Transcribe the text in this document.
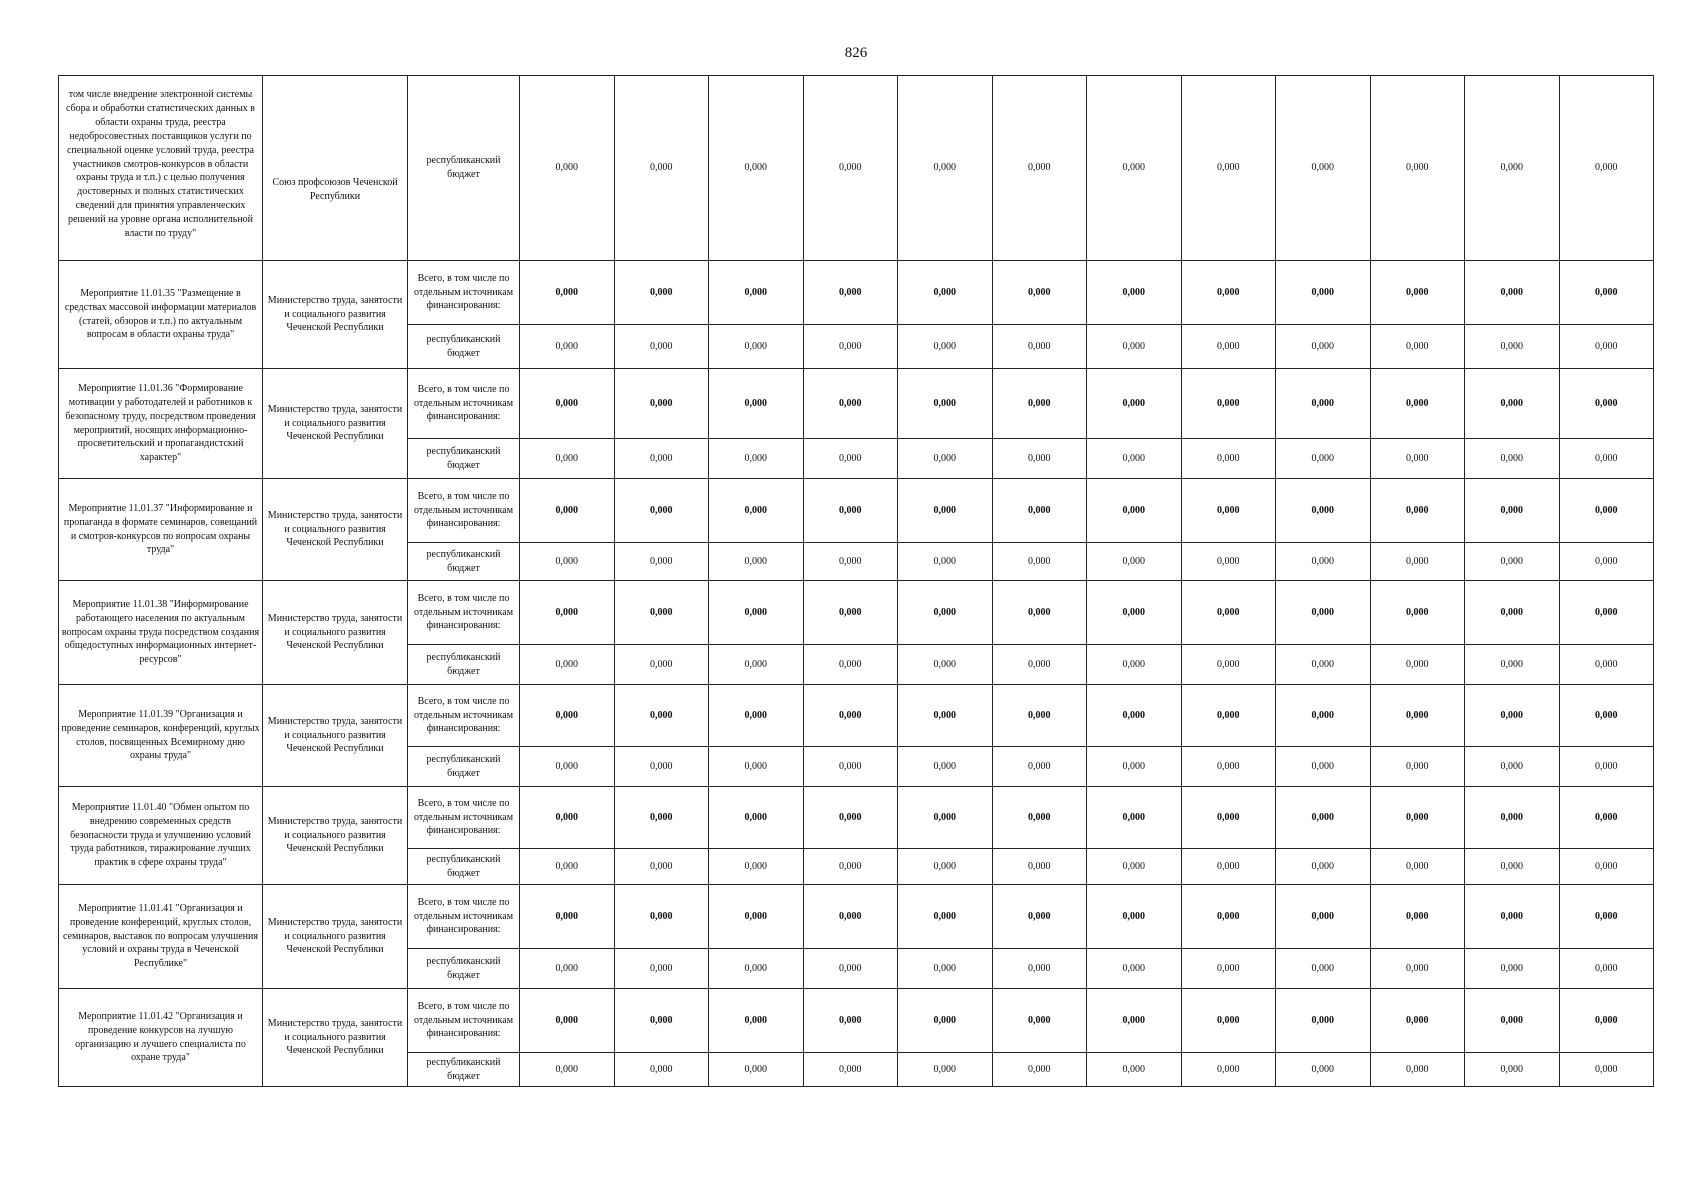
826
том числе внедрение электронной системы сбора и обработки статистических данных в области охраны труда, реестра недобросовестных поставщиков услуги по специальной оценке условий труда, реестра участников смотров-конкурсов в области охраны труда и т.п.) с целью получения достоверных и полных статистических сведений для принятия управленческих решений на уровне органа исполнительной власти по труду"	Союз профсоюзов Чеченской Республики	республиканский бюджет	0,000	0,000	0,000	0,000	0,000	0,000	0,000	0,000	0,000	0,000	0,000	0,000
Мероприятие 11.01.35 "Размещение в средствах массовой информации материалов (статей, обзоров и т.п.) по актуальным вопросам в области охраны труда"	Министерство труда, занятости и социального развития Чеченской Республики	Всего, в том числе по отдельным источникам финансирования:	0,000	0,000	0,000	0,000	0,000	0,000	0,000	0,000	0,000	0,000	0,000	0,000
		республиканский бюджет	0,000	0,000	0,000	0,000	0,000	0,000	0,000	0,000	0,000	0,000	0,000	0,000
Мероприятие 11.01.36 "Формирование мотивации у работодателей и работников к безопасному труду, посредством проведения мероприятий, носящих информационно-просветительский и пропагандистский характер"	Министерство труда, занятости и социального развития Чеченской Республики	Всего, в том числе по отдельным источникам финансирования:	0,000	0,000	0,000	0,000	0,000	0,000	0,000	0,000	0,000	0,000	0,000	0,000
		республиканский бюджет	0,000	0,000	0,000	0,000	0,000	0,000	0,000	0,000	0,000	0,000	0,000	0,000
Мероприятие 11.01.37 "Информирование и пропаганда в формате семинаров, совещаний и смотров-конкурсов по вопросам охраны труда"	Министерство труда, занятости и социального развития Чеченской Республики	Всего, в том числе по отдельным источникам финансирования:	0,000	0,000	0,000	0,000	0,000	0,000	0,000	0,000	0,000	0,000	0,000	0,000
		республиканский бюджет	0,000	0,000	0,000	0,000	0,000	0,000	0,000	0,000	0,000	0,000	0,000	0,000
Мероприятие 11.01.38 "Информирование работающего населения по актуальным вопросам охраны труда посредством создания общедоступных информационных интернет-ресурсов"	Министерство труда, занятости и социального развития Чеченской Республики	Всего, в том числе по отдельным источникам финансирования:	0,000	0,000	0,000	0,000	0,000	0,000	0,000	0,000	0,000	0,000	0,000	0,000
		республиканский бюджет	0,000	0,000	0,000	0,000	0,000	0,000	0,000	0,000	0,000	0,000	0,000	0,000
Мероприятие 11.01.39 "Организация и проведение семинаров, конференций, круглых столов, посвященных Всемирному дню охраны труда"	Министерство труда, занятости и социального развития Чеченской Республики	Всего, в том числе по отдельным источникам финансирования:	0,000	0,000	0,000	0,000	0,000	0,000	0,000	0,000	0,000	0,000	0,000	0,000
		республиканский бюджет	0,000	0,000	0,000	0,000	0,000	0,000	0,000	0,000	0,000	0,000	0,000	0,000
Мероприятие 11.01.40 "Обмен опытом по внедрению современных средств безопасности труда и улучшению условий труда работников, тиражирование лучших практик в сфере охраны труда"	Министерство труда, занятости и социального развития Чеченской Республики	Всего, в том числе по отдельным источникам финансирования:	0,000	0,000	0,000	0,000	0,000	0,000	0,000	0,000	0,000	0,000	0,000	0,000
		республиканский бюджет	0,000	0,000	0,000	0,000	0,000	0,000	0,000	0,000	0,000	0,000	0,000	0,000
Мероприятие 11.01.41 "Организация и проведение конференций, круглых столов, семинаров, выставок по вопросам улучшения условий и охраны труда в Чеченской Республике"	Министерство труда, занятости и социального развития Чеченской Республики	Всего, в том числе по отдельным источникам финансирования:	0,000	0,000	0,000	0,000	0,000	0,000	0,000	0,000	0,000	0,000	0,000	0,000
		республиканский бюджет	0,000	0,000	0,000	0,000	0,000	0,000	0,000	0,000	0,000	0,000	0,000	0,000
Мероприятие 11.01.42 "Организация и проведение конкурсов на лучшую организацию и лучшего специалиста по охране труда"	Министерство труда, занятости и социального развития Чеченской Республики	Всего, в том числе по отдельным источникам финансирования:	0,000	0,000	0,000	0,000	0,000	0,000	0,000	0,000	0,000	0,000	0,000	0,000
		республиканский бюджет	0,000	0,000	0,000	0,000	0,000	0,000	0,000	0,000	0,000	0,000	0,000	0,000
